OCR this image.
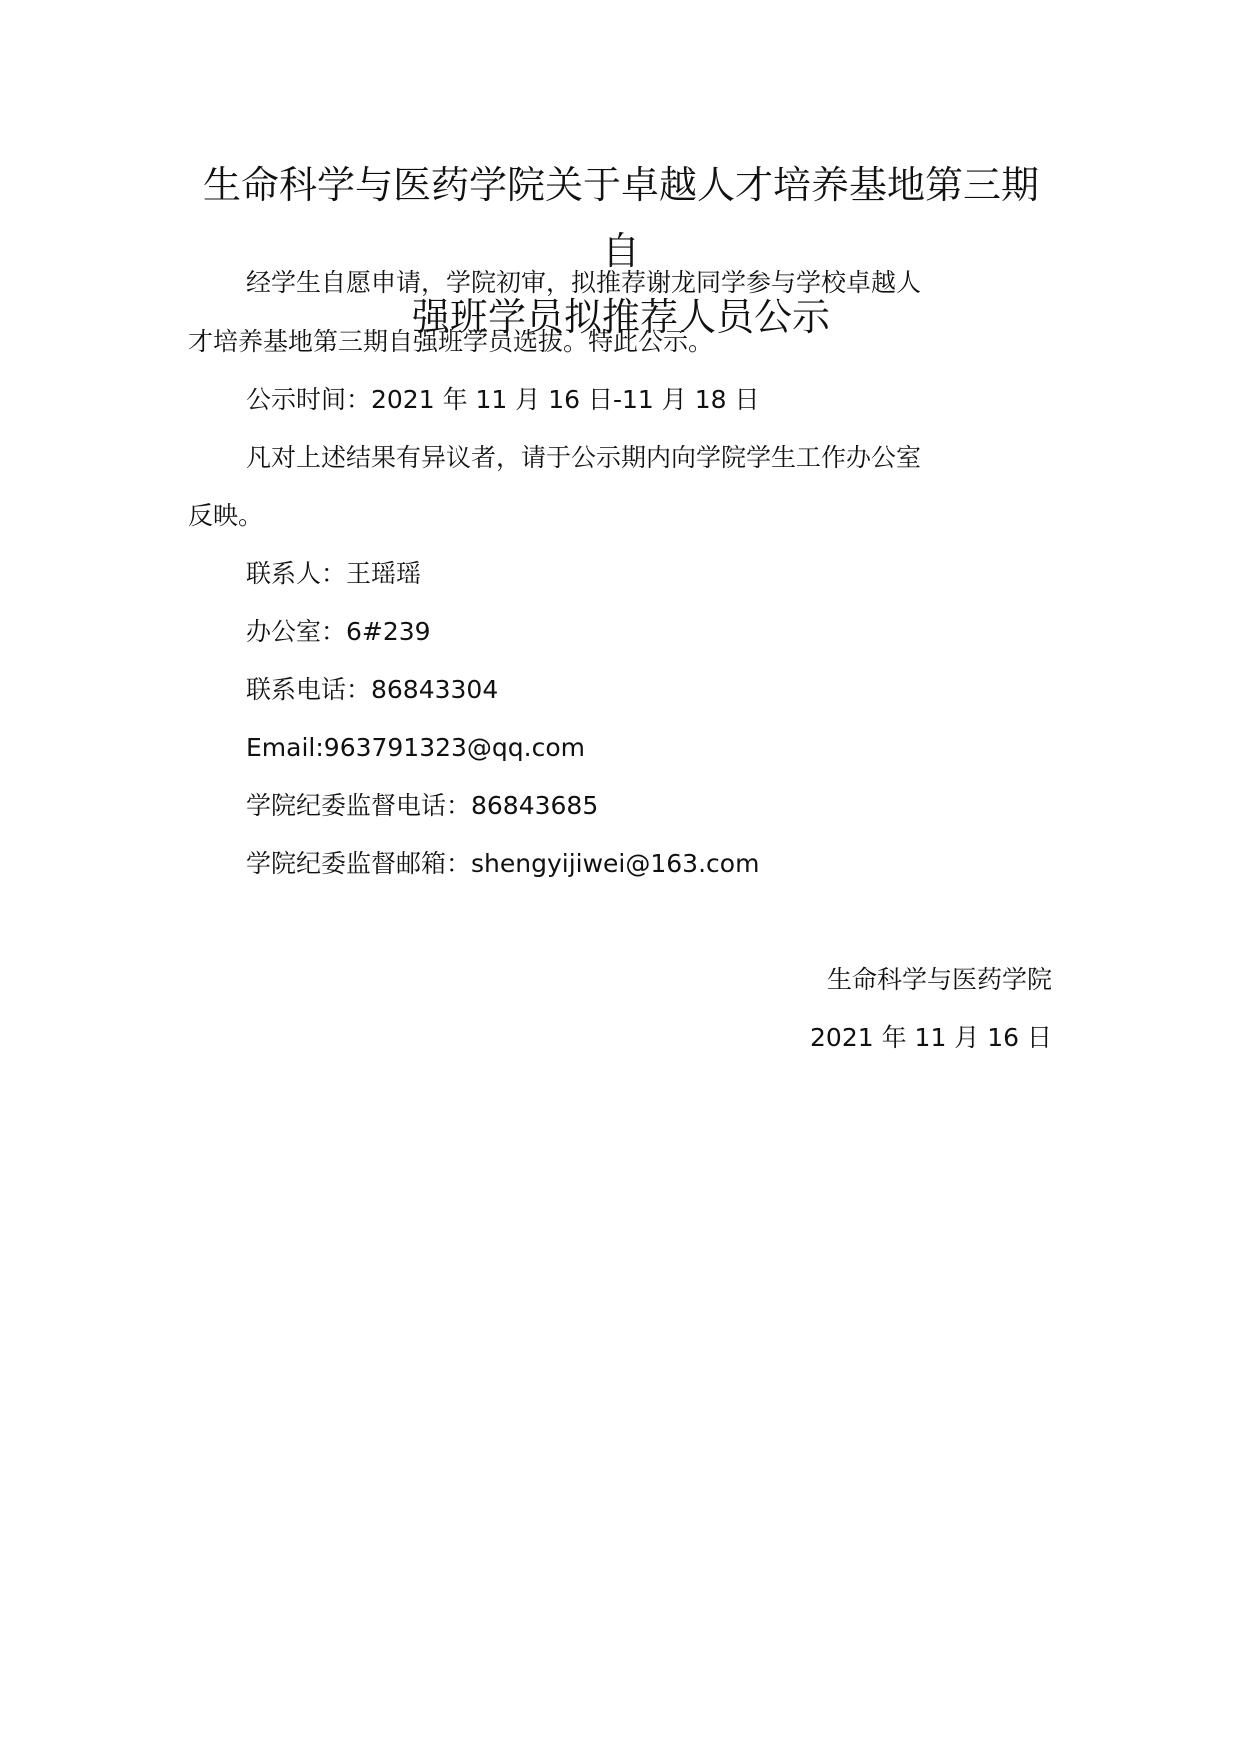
生命科学与医药学院关于卓越人才培养基地第三期自
强班学员拟推荐人员公示

经学生自愿申请，学院初审，拟推荐谢龙同学参与学校卓越人

才培养基地第三期自强班学员选拔。特此公示。

公示时间：2021 年 11 月 16 日-11 月 18 日

凡对上述结果有异议者，请于公示期内向学院学生工作办公室

反映。

联系人：王瑶瑶

办公室：6#239

联系电话：86843304

Email:963791323@qq.com

学院纪委监督电话：86843685

学院纪委监督邮箱：shengyijiwei@163.com

生命科学与医药学院

2021 年 11 月 16 日
